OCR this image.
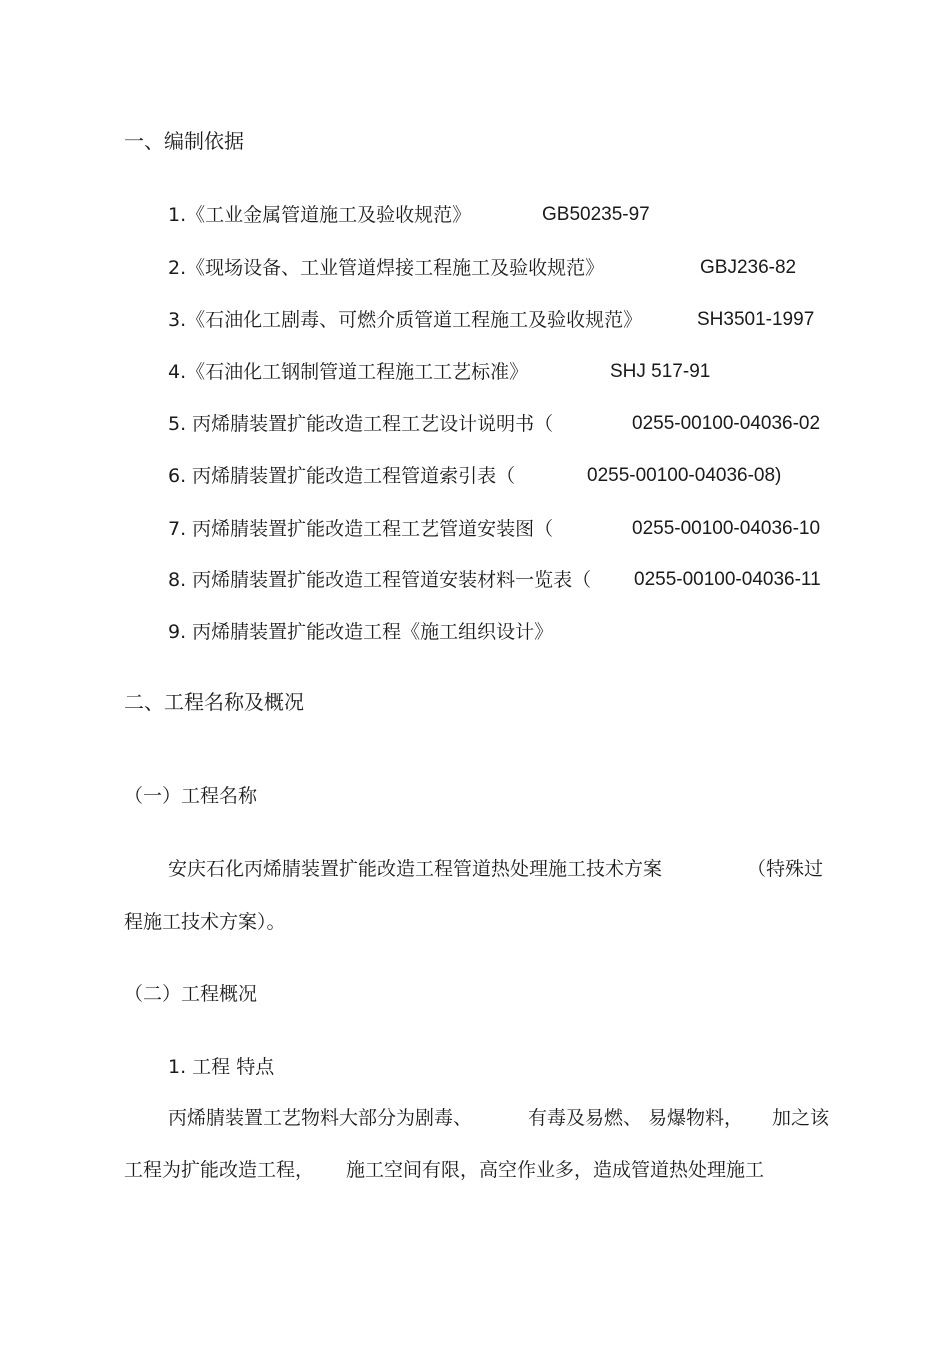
一、编制依据
1.《工业金属管道施工及验收规范》	GB50235-97
2.《现场设备、工业管道焊接工程施工及验收规范》	GBJ236-82
3.《石油化工剧毒、可燃介质管道工程施工及验收规范》	SH3501-1997
4.《石油化工钢制管道工程施工工艺标准》	SHJ 517-91
5. 丙烯腈装置扩能改造工程工艺设计说明书（	0255-00100-04036-02
6. 丙烯腈装置扩能改造工程管道索引表（	0255-00100-04036-08)
7. 丙烯腈装置扩能改造工程工艺管道安装图（	0255-00100-04036-10
8. 丙烯腈装置扩能改造工程管道安装材料一览表（ 0255-00100-04036-11
9. 丙烯腈装置扩能改造工程《施工组织设计》
二、工程名称及概况
（一）工程名称
安庆石化丙烯腈装置扩能改造工程管道热处理施工技术方案	（特殊过
程施工技术方案）。
（二）工程概况
1. 工程 特点
丙烯腈装置工艺物料大部分为剧毒、	有毒及易燃、 易爆物料， 加之该
工程为扩能改造工程， 施工空间有限，高空作业多，造成管道热处理施工
